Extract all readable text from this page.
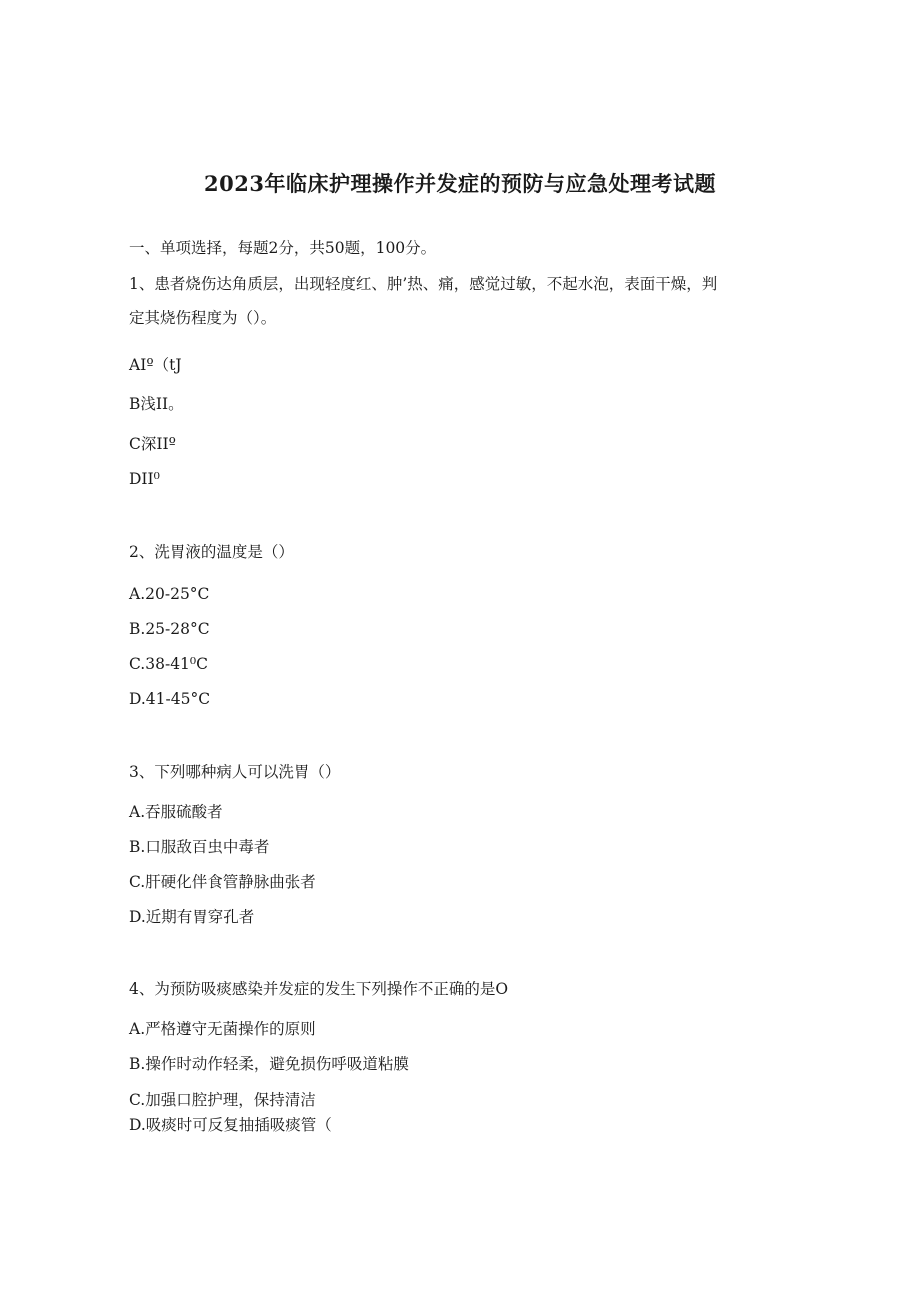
2023年临床护理操作并发症的预防与应急处理考试题
一、单项选择，每题2分，共50题，100分。
1、患者烧伤达角质层，出现轻度红、肿’热、痛，感觉过敏，不起水泡，表面干燥，判
定其烧伤程度为（）。
AIº（tJ
B浅II。
C深IIº
DII⁰
2、洗胃液的温度是（）
A.20-25°C
B.25-28°C
C.38-41⁰C
D.41-45°C
3、下列哪种病人可以洗胃（）
A.吞服硫酸者
B.口服敌百虫中毒者
C.肝硬化伴食管静脉曲张者
D.近期有胃穿孔者
4、为预防吸痰感染并发症的发生下列操作不正确的是O
A.严格遵守无菌操作的原则
B.操作时动作轻柔，避免损伤呼吸道粘膜
C.加强口腔护理，保持清洁
D.吸痰时可反复抽插吸痰管（
